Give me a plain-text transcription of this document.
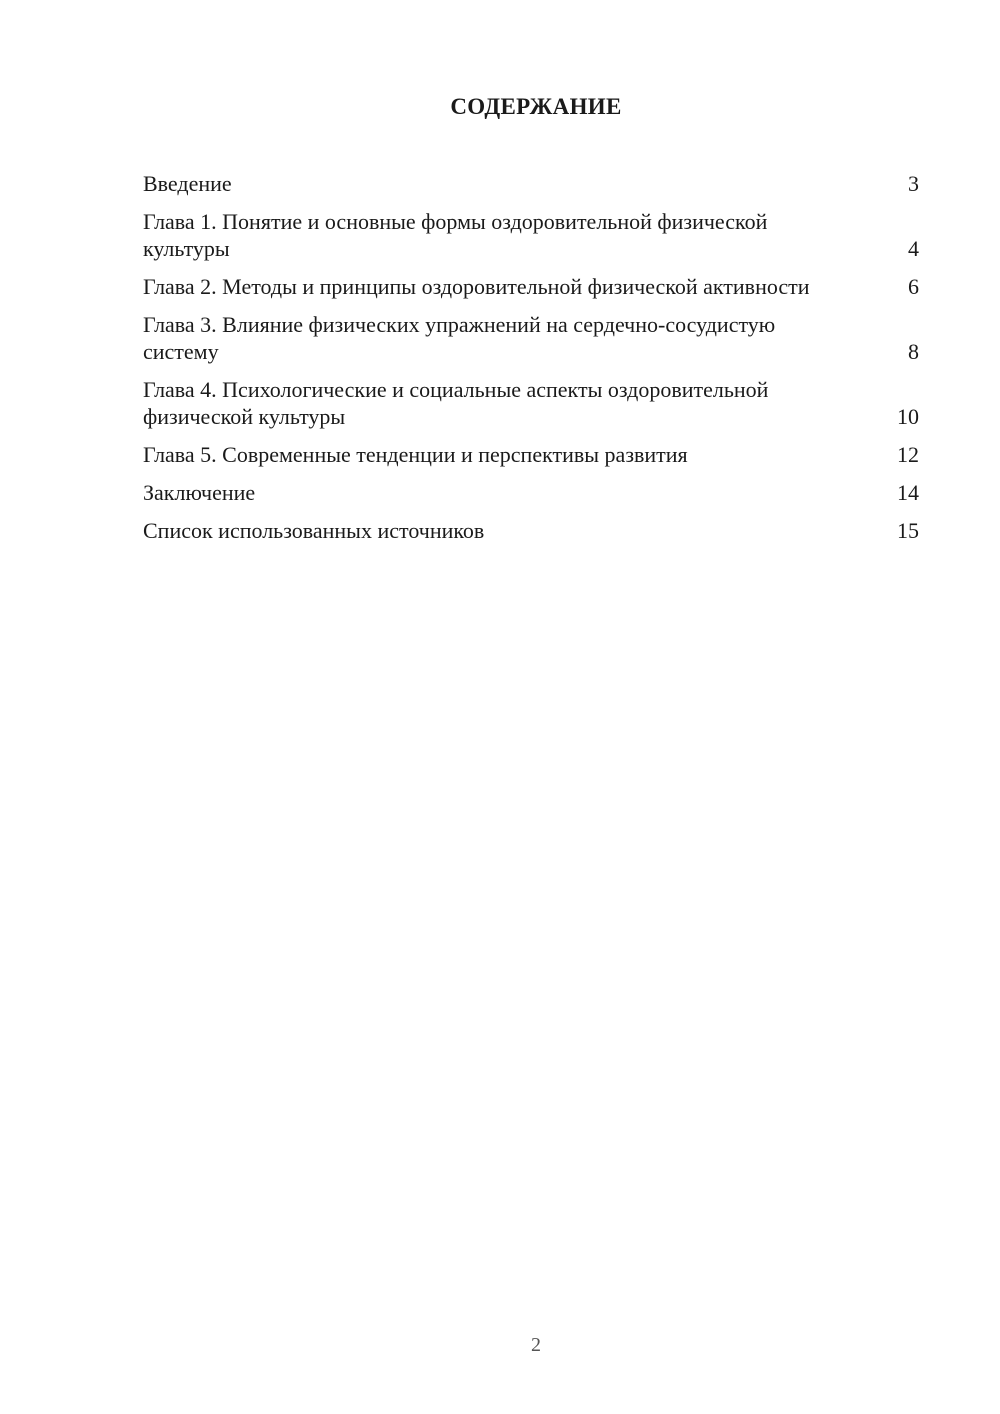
СОДЕРЖАНИЕ
Введение	3
Глава 1. Понятие и основные формы оздоровительной физической культуры	4
Глава 2. Методы и принципы оздоровительной физической активности	6
Глава 3. Влияние физических упражнений на сердечно-сосудистую систему	8
Глава 4. Психологические и социальные аспекты оздоровительной физической культуры	10
Глава 5. Современные тенденции и перспективы развития	12
Заключение	14
Список использованных источников	15
2
